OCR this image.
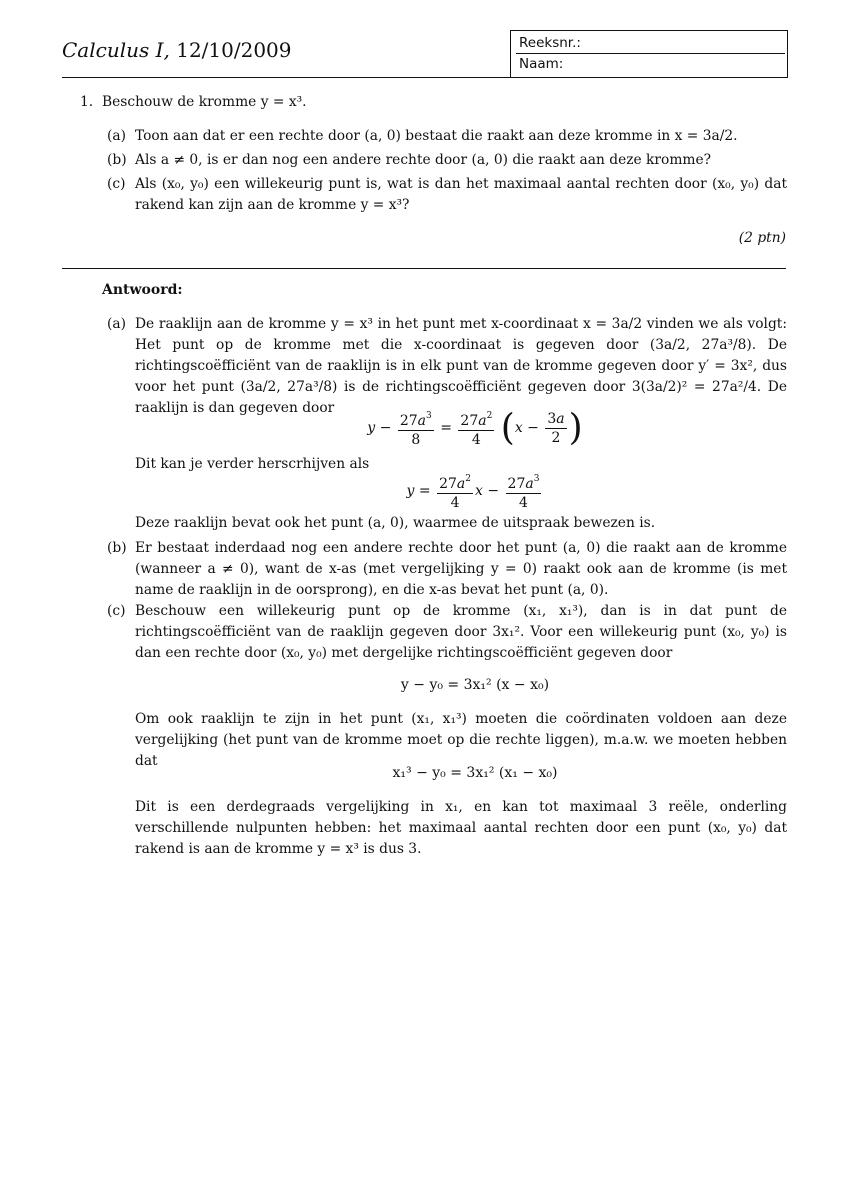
Calculus I, 12/10/2009	Reeksnr.:
Naam:
1. Beschouw de kromme y = x³.
(a) Toon aan dat er een rechte door (a, 0) bestaat die raakt aan deze kromme in x = 3a/2.
(b) Als a ≠ 0, is er dan nog een andere rechte door (a, 0) die raakt aan deze kromme?
(c) Als (x₀, y₀) een willekeurig punt is, wat is dan het maximaal aantal rechten door (x₀, y₀) dat rakend kan zijn aan de kromme y = x³?
(2 ptn)
Antwoord:
(a) De raaklijn aan de kromme y = x³ in het punt met x-coordinaat x = 3a/2 vinden we als volgt: Het punt op de kromme met die x-coordinaat is gegeven door (3a/2, 27a³/8). De richtingscoëfficiënt van de raaklijn is in elk punt van de kromme gegeven door y′ = 3x², dus voor het punt (3a/2, 27a³/8) is de richtingscoëfficiënt gegeven door 3(3a/2)² = 27a²/4. De raaklijn is dan gegeven door
$y - \frac{27a^3}{8} = \frac{27a^2}{4} (x - \frac{3a}{2}$ )
Dit kan je verder herscrhijven als
$y = \frac{27a^2}{4}$ $x - \frac{27a^3}{4}$
Deze raaklijn bevat ook het punt (a, 0), waarmee de uitspraak bewezen is.
(b) Er bestaat inderdaad nog een andere rechte door het punt (a, 0) die raakt aan de kromme (wanneer a ≠ 0), want de x-as (met vergelijking y = 0) raakt ook aan de kromme (is met name de raaklijn in de oorsprong), en die x-as bevat het punt (a, 0).
(c) Beschouw een willekeurig punt op de kromme (x₁, x₁³), dan is in dat punt de richtingscoëfficiënt van de raaklijn gegeven door 3x₁². Voor een willekeurig punt (x₀, y₀) is dan een rechte door (x₀, y₀) met dergelijke richtingscoëfficiënt gegeven door
y − y₀ = 3x₁² (x − x₀)
Om ook raaklijn te zijn in het punt (x₁, x₁³) moeten die coördinaten voldoen aan deze vergelijking (het punt van de kromme moet op die rechte liggen), m.a.w. we moeten hebben dat
x₁³ − y₀ = 3x₁² (x₁ − x₀)
Dit is een derdegraads vergelijking in x₁, en kan tot maximaal 3 reële, onderling verschillende nulpunten hebben: het maximaal aantal rechten door een punt (x₀, y₀) dat rakend is aan de kromme y = x³ is dus 3.
